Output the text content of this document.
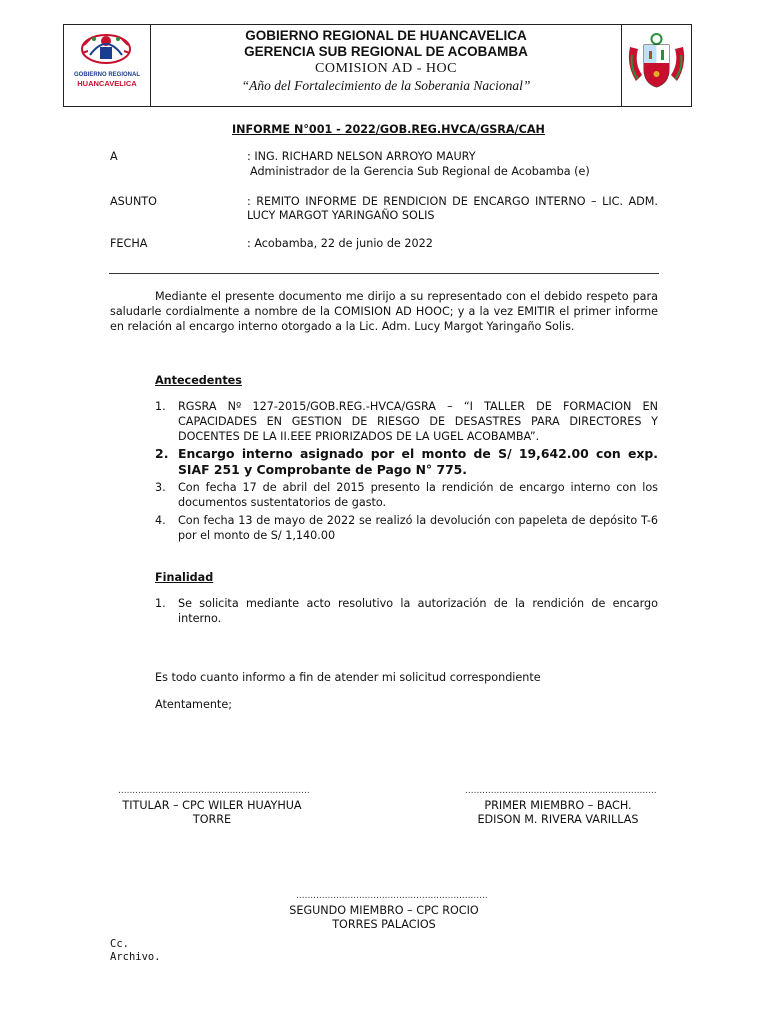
GOBIERNO REGIONAL
HUANCAVELICA
GOBIERNO REGIONAL DE HUANCAVELICA
GERENCIA SUB REGIONAL DE ACOBAMBA
COMISION AD - HOC
“Año del Fortalecimiento de la Soberania Nacional”
INFORME N°001 - 2022/GOB.REG.HVCA/GSRA/CAH
A	: ING. RICHARD NELSON ARROYO MAURY
Administrador de la Gerencia Sub Regional de Acobamba (e)
ASUNTO	: REMITO INFORME DE RENDICION DE ENCARGO INTERNO – LIC. ADM.
LUCY MARGOT YARINGAÑO SOLIS
FECHA	: Acobamba, 22 de junio de 2022
Mediante el presente documento me dirijo a su representado con el debido respeto para saludarle cordialmente a nombre de la COMISION AD HOOC; y a la vez EMITIR el primer informe en relación al encargo interno otorgado a la Lic. Adm. Lucy Margot Yaringaño Solis.
Antecedentes
1. RGSRA Nº 127-2015/GOB.REG.-HVCA/GSRA – “I TALLER DE FORMACION EN CAPACIDADES EN GESTION DE RIESGO DE DESASTRES PARA DIRECTORES Y DOCENTES DE LA II.EEE PRIORIZADOS DE LA UGEL ACOBAMBA”.
2. Encargo interno asignado por el monto de S/ 19,642.00 con exp. SIAF 251 y Comprobante de Pago N° 775.
3. Con fecha 17 de abril del 2015 presento la rendición de encargo interno con los documentos sustentatorios de gasto.
4. Con fecha 13 de mayo de 2022 se realizó la devolución con papeleta de depósito T-6 por el monto de S/ 1,140.00
Finalidad
1. Se solicita mediante acto resolutivo la autorización de la rendición de encargo interno.
Es todo cuanto informo a fin de atender mi solicitud correspondiente
Atentamente;
...................................................................
TITULAR – CPC WILER HUAYHUA
TORRE
...................................................................
PRIMER MIEMBRO – BACH.
EDISON M. RIVERA VARILLAS
...................................................................
SEGUNDO MIEMBRO – CPC ROCIO
TORRES PALACIOS
Cc.
Archivo.
